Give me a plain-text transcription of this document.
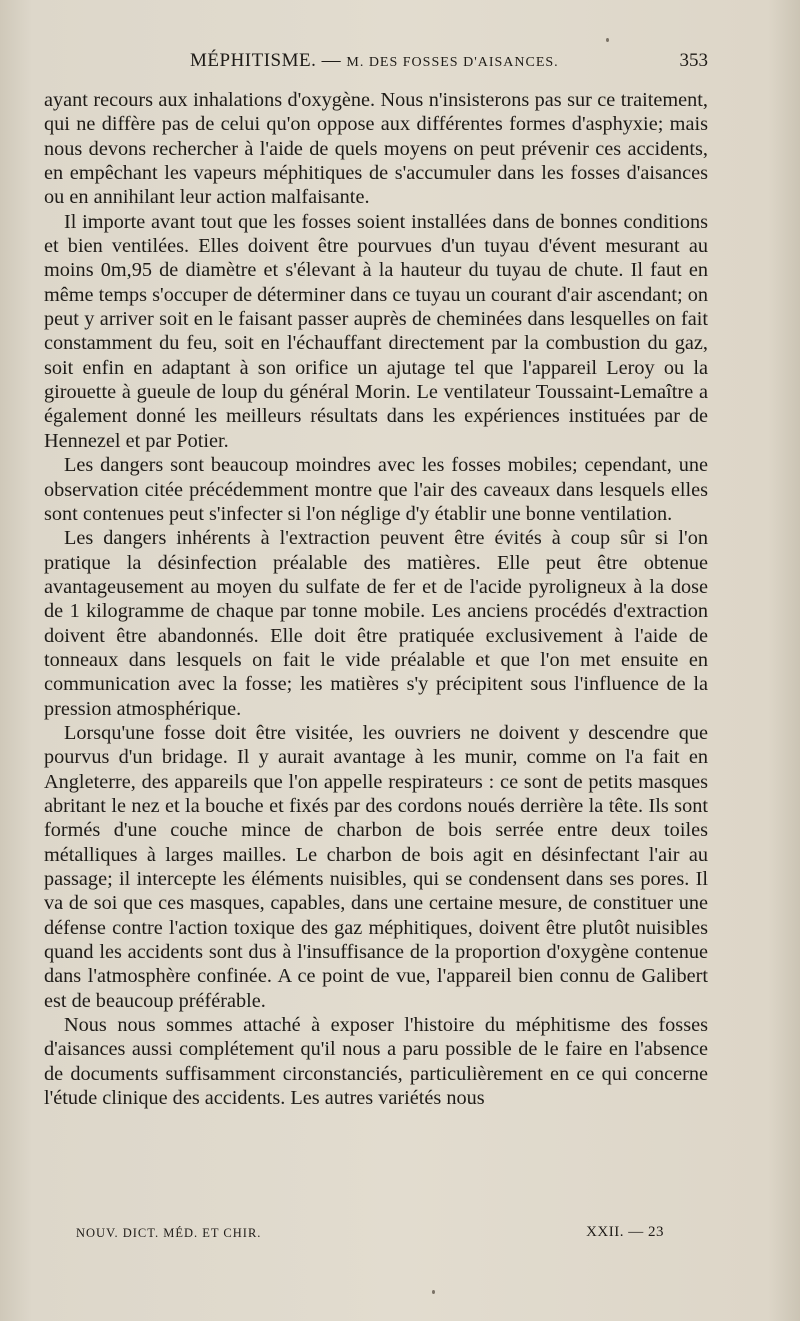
MÉPHITISME. — M. DES FOSSES D'AISANCES.	353

ayant recours aux inhalations d'oxygène. Nous n'insisterons pas sur ce traitement, qui ne diffère pas de celui qu'on oppose aux différentes formes d'asphyxie; mais nous devons rechercher à l'aide de quels moyens on peut prévenir ces accidents, en empêchant les vapeurs méphitiques de s'accumuler dans les fosses d'aisances ou en annihilant leur action malfaisante.

Il importe avant tout que les fosses soient installées dans de bonnes conditions et bien ventilées. Elles doivent être pourvues d'un tuyau d'évent mesurant au moins 0m,95 de diamètre et s'élevant à la hauteur du tuyau de chute. Il faut en même temps s'occuper de déterminer dans ce tuyau un courant d'air ascendant; on peut y arriver soit en le faisant passer auprès de cheminées dans lesquelles on fait constamment du feu, soit en l'échauffant directement par la combustion du gaz, soit enfin en adaptant à son orifice un ajutage tel que l'appareil Leroy ou la girouette à gueule de loup du général Morin. Le ventilateur Toussaint-Lemaître a également donné les meilleurs résultats dans les expériences instituées par de Hennezel et par Potier.

Les dangers sont beaucoup moindres avec les fosses mobiles; cependant, une observation citée précédemment montre que l'air des caveaux dans lesquels elles sont contenues peut s'infecter si l'on néglige d'y établir une bonne ventilation.

Les dangers inhérents à l'extraction peuvent être évités à coup sûr si l'on pratique la désinfection préalable des matières. Elle peut être obtenue avantageusement au moyen du sulfate de fer et de l'acide pyroligneux à la dose de 1 kilogramme de chaque par tonne mobile. Les anciens procédés d'extraction doivent être abandonnés. Elle doit être pratiquée exclusivement à l'aide de tonneaux dans lesquels on fait le vide préalable et que l'on met ensuite en communication avec la fosse; les matières s'y précipitent sous l'influence de la pression atmosphérique.

Lorsqu'une fosse doit être visitée, les ouvriers ne doivent y descendre que pourvus d'un bridage. Il y aurait avantage à les munir, comme on l'a fait en Angleterre, des appareils que l'on appelle respirateurs : ce sont de petits masques abritant le nez et la bouche et fixés par des cordons noués derrière la tête. Ils sont formés d'une couche mince de charbon de bois serrée entre deux toiles métalliques à larges mailles. Le charbon de bois agit en désinfectant l'air au passage; il intercepte les éléments nuisibles, qui se condensent dans ses pores. Il va de soi que ces masques, capables, dans une certaine mesure, de constituer une défense contre l'action toxique des gaz méphitiques, doivent être plutôt nuisibles quand les accidents sont dus à l'insuffisance de la proportion d'oxygène contenue dans l'atmosphère confinée. A ce point de vue, l'appareil bien connu de Galibert est de beaucoup préférable.

Nous nous sommes attaché à exposer l'histoire du méphitisme des fosses d'aisances aussi complétement qu'il nous a paru possible de le faire en l'absence de documents suffisamment circonstanciés, particulièrement en ce qui concerne l'étude clinique des accidents. Les autres variétés nous

NOUV. DICT. MÉD. ET CHIR.	XXII. — 23
